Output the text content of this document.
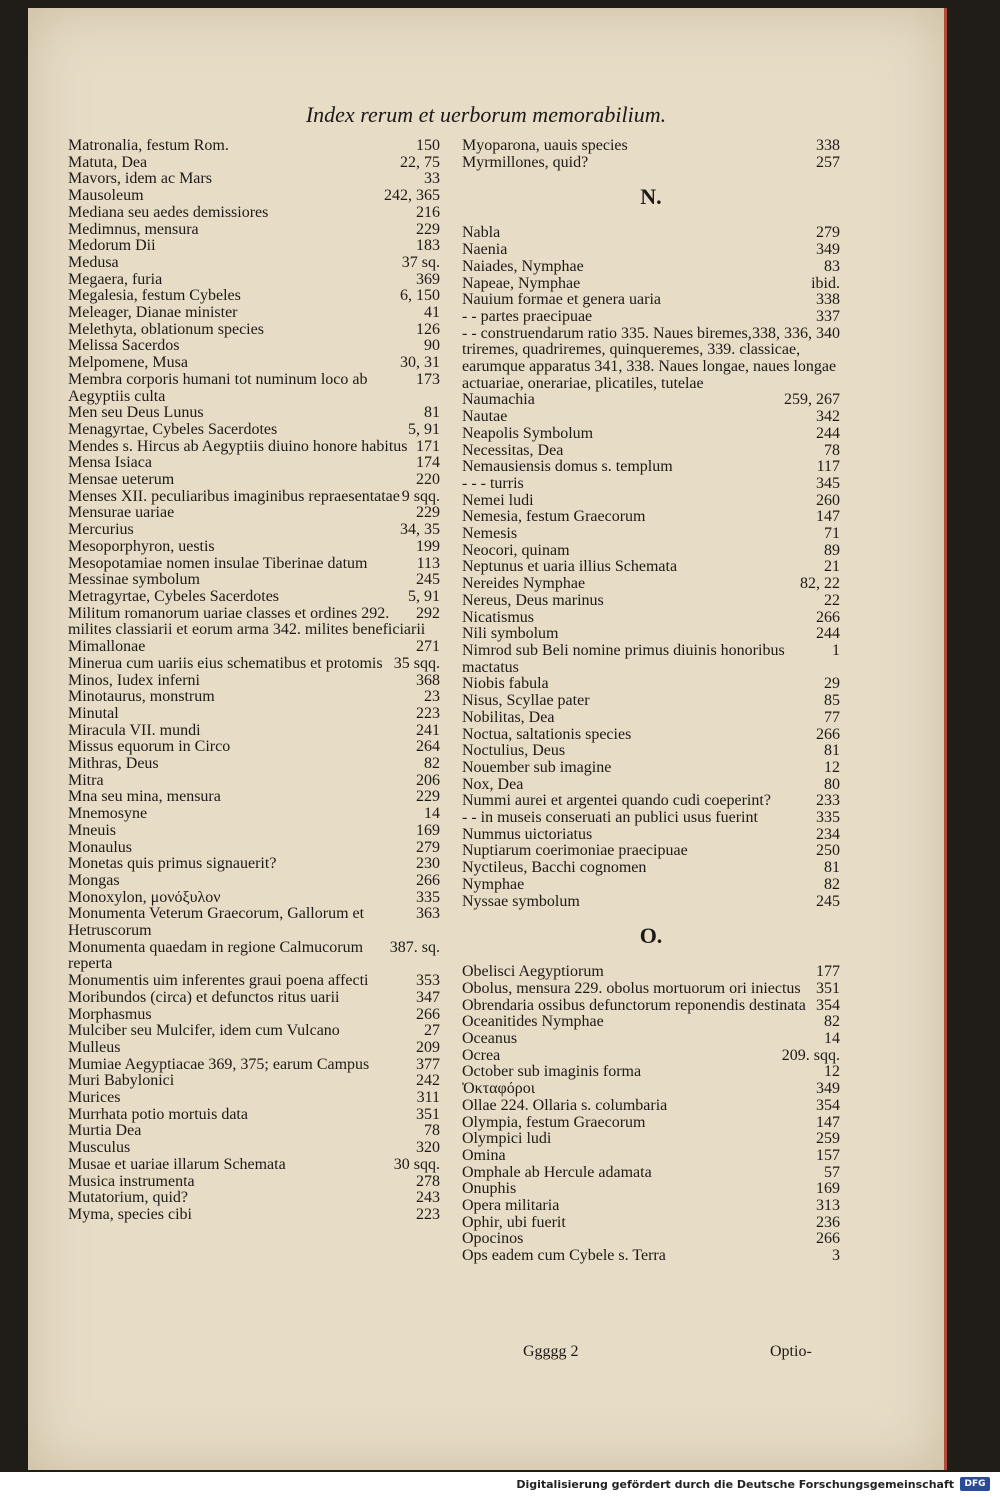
Index rerum et uerborum memorabilium.
150
Matronalia, festum Rom.
22, 75
Matuta, Dea
33
Mavors, idem ac Mars
242, 365
Mausoleum
216
Mediana seu aedes demissiores
229
Medimnus, mensura
183
Medorum Dii
37 sq.
Medusa
369
Megaera, furia
6, 150
Megalesia, festum Cybeles
41
Meleager, Dianae minister
126
Melethyta, oblationum species
90
Melissa Sacerdos
30, 31
Melpomene, Musa
173
Membra corporis humani tot numinum loco ab Aegyptiis culta
81
Men seu Deus Lunus
5, 91
Menagyrtae, Cybeles Sacerdotes
171
Mendes s. Hircus ab Aegyptiis diuino honore habitus
174
Mensa Isiaca
220
Mensae ueterum
9 sqq.
Menses XII. peculiaribus imaginibus repraesentatae
229
Mensurae uariae
34, 35
Mercurius
199
Mesoporphyron, uestis
113
Mesopotamiae nomen insulae Tiberinae datum
245
Messinae symbolum
5, 91
Metragyrtae, Cybeles Sacerdotes
292
Militum romanorum uariae classes et ordines 292. milites classiarii et eorum arma 342. milites beneficiarii
271
Mimallonae
35 sqq.
Minerua cum uariis eius schematibus et protomis
368
Minos, Iudex inferni
23
Minotaurus, monstrum
223
Minutal
241
Miracula VII. mundi
264
Missus equorum in Circo
82
Mithras, Deus
206
Mitra
229
Mna seu mina, mensura
14
Mnemosyne
169
Mneuis
279
Monaulus
230
Monetas quis primus signauerit?
266
Mongas
335
Monoxylon, μονόξυλον
363
Monumenta Veterum Graecorum, Gallorum et Hetruscorum
387. sq.
Monumenta quaedam in regione Calmucorum reperta
353
Monumentis uim inferentes graui poena affecti
347
Moribundos (circa) et defunctos ritus uarii
266
Morphasmus
27
Mulciber seu Mulcifer, idem cum Vulcano
209
Mulleus
377
Mumiae Aegyptiacae 369, 375; earum Campus
242
Muri Babylonici
311
Murices
351
Murrhata potio mortuis data
78
Murtia Dea
320
Musculus
30 sqq.
Musae et uariae illarum Schemata
278
Musica instrumenta
243
Mutatorium, quid?
223
Myma, species cibi
338
Myoparona, uauis species
257
Myrmillones, quid?
N.
279
Nabla
349
Naenia
83
Naiades, Nymphae
ibid.
Napeae, Nymphae
338
Nauium formae et genera uaria
337
- - partes praecipuae
338, 336, 340
- - construendarum ratio 335. Naues biremes, triremes, quadriremes, quinqueremes, 339. classicae, earumque apparatus 341, 338. Naues longae, naues longae actuariae, onerariae, plicatiles, tutelae
259, 267
Naumachia
342
Nautae
244
Neapolis Symbolum
78
Necessitas, Dea
117
Nemausiensis domus s. templum
345
- - - turris
260
Nemei ludi
147
Nemesia, festum Graecorum
71
Nemesis
89
Neocori, quinam
21
Neptunus et uaria illius Schemata
82, 22
Nereides Nymphae
22
Nereus, Deus marinus
266
Nicatismus
244
Nili symbolum
1
Nimrod sub Beli nomine primus diuinis honoribus mactatus
29
Niobis fabula
85
Nisus, Scyllae pater
77
Nobilitas, Dea
266
Noctua, saltationis species
81
Noctulius, Deus
12
Nouember sub imagine
80
Nox, Dea
233
Nummi aurei et argentei quando cudi coeperint?
335
- - in museis conseruati an publici usus fuerint
234
Nummus uictoriatus
250
Nuptiarum coerimoniae praecipuae
81
Nyctileus, Bacchi cognomen
82
Nymphae
245
Nyssae symbolum
O.
177
Obelisci Aegyptiorum
351
Obolus, mensura 229. obolus mortuorum ori iniectus
354
Obrendaria ossibus defunctorum reponendis destinata
82
Oceanitides Nymphae
14
Oceanus
209. sqq.
Ocrea
12
October sub imaginis forma
349
Ὀκταφόροι
354
Ollae 224. Ollaria s. columbaria
147
Olympia, festum Graecorum
259
Olympici ludi
157
Omina
57
Omphale ab Hercule adamata
169
Onuphis
313
Opera militaria
236
Ophir, ubi fuerit
266
Opocinos
3
Ops eadem cum Cybele s. Terra
Ggggg 2	Optio-
Digitalisierung gefördert durch die Deutsche Forschungsgemeinschaft	DFG
